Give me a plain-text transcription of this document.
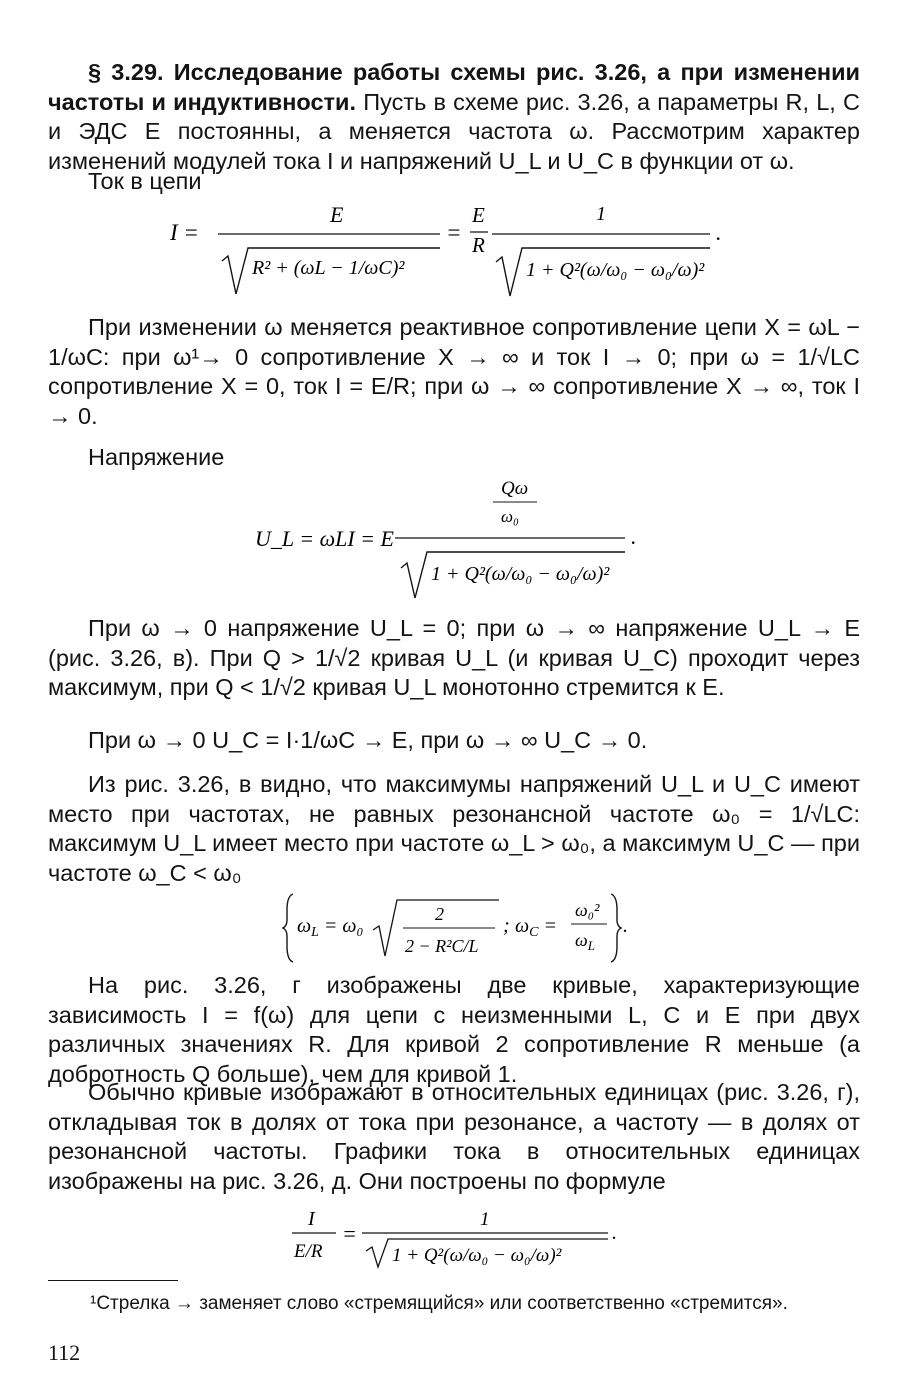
§ 3.29. Исследование работы схемы рис. 3.26, а при изменении частоты и индуктивности. Пусть в схеме рис. 3.26, а параметры R, L, C и ЭДС E постоянны, а меняется частота ω. Рассмотрим характер изменений модулей тока I и напряжений U_L и U_C в функции от ω.

Ток в цепи

I =
E
R² + (ωL − 1/ωC)²
=
E
R
1
1 + Q²(ω/ω₀ − ω₀/ω)²
.

При изменении ω меняется реактивное сопротивление цепи X = ωL − 1/ωC: при ω¹→ 0 сопротивление X → ∞ и ток I → 0; при ω = 1/√LC сопротивление X = 0, ток I = E/R; при ω → ∞ сопротивление X → ∞, ток I → 0.

Напряжение

U_L = ωLI = E
Qω
ω₀
1 + Q²(ω/ω₀ − ω₀/ω)²
.

При ω → 0 напряжение U_L = 0; при ω → ∞ напряжение U_L → E (рис. 3.26, в). При Q > 1/√2 кривая U_L (и кривая U_C) проходит через максимум, при Q < 1/√2 кривая U_L монотонно стремится к E.

При ω → 0 U_C = I·1/ωC → E, при ω → ∞ U_C → 0.

Из рис. 3.26, в видно, что максимумы напряжений U_L и U_C имеют место при частотах, не равных резонансной частоте ω₀ = 1/√LC: максимум U_L имеет место при частоте ω_L > ω₀, а максимум U_C — при частоте ω_C < ω₀

$\omega_L = \omega_0$
2
2 − R²C/L
; $\omega_C$ =
ω₀²
$\omega_L$
.

На рис. 3.26, г изображены две кривые, характеризующие зависимость I = f(ω) для цепи с неизменными L, C и E при двух различных значениях R. Для кривой 2 сопротивление R меньше (а добротность Q больше), чем для кривой 1.

Обычно кривые изображают в относительных единицах (рис. 3.26, г), откладывая ток в долях от тока при резонансе, а частоту — в долях от резонансной частоты. Графики тока в относительных единицах изображены на рис. 3.26, д. Они построены по формуле

I
E/R
=
1
1 + Q²(ω/ω₀ − ω₀/ω)²
.
¹Стрелка → заменяет слово «стремящийся» или соответственно «стремится».
112
